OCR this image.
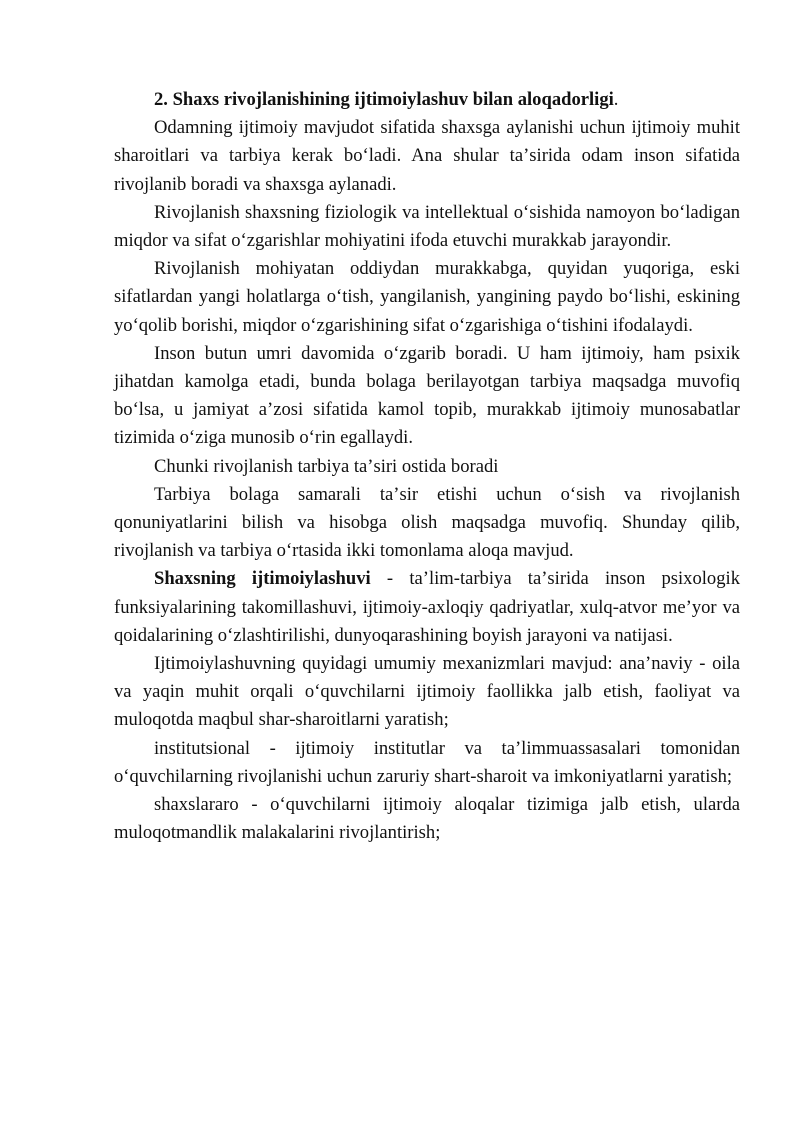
2. Shaxs rivojlanishining ijtimoiylashuv bilan aloqadorligi.

Odamning ijtimoiy mavjudot sifatida shaxsga aylanishi uchun ijtimoiy muhit sharoitlari va tarbiya kerak boʻladi. Ana shular taʼsirida odam inson sifatida rivojlanib boradi va shaxsga aylanadi.

Rivojlanish shaxsning fiziologik va intellektual oʻsishida namoyon boʻladigan miqdor va sifat oʻzgarishlar mohiyatini ifoda etuvchi murakkab jarayondir.

Rivojlanish mohiyatan oddiydan murakkabga, quyidan yuqoriga, eski sifatlardan yangi holatlarga oʻtish, yangilanish, yangining paydo boʻlishi, eskining yoʻqolib borishi, miqdor oʻzgarishining sifat oʻzgarishiga oʻtishini ifodalaydi.

Inson butun umri davomida oʻzgarib boradi. U ham ijtimoiy, ham psixik jihatdan kamolga etadi, bunda bolaga berilayotgan tarbiya maqsadga muvofiq boʻlsa, u jamiyat aʼzosi sifatida kamol topib, murakkab ijtimoiy munosabatlar tizimida oʻziga munosib oʻrin egallaydi.

Chunki rivojlanish tarbiya taʼsiri ostida boradi

Tarbiya bolaga samarali taʼsir etishi uchun oʻsish va rivojlanish qonuniyatlarini bilish va hisobga olish maqsadga muvofiq. Shunday qilib, rivojlanish va tarbiya oʻrtasida ikki tomonlama aloqa mavjud.

Shaxsning ijtimoiylashuvi - taʼlim-tarbiya taʼsirida inson psixologik funksiyalarining takomillashuvi, ijtimoiy-axloqiy qadriyatlar, xulq-atvor meʼyor va qoidalarining oʻzlashtirilishi, dunyoqarashining boyish jarayoni va natijasi.

Ijtimoiylashuvning quyidagi umumiy mexanizmlari mavjud: anaʼnaviy - oila va yaqin muhit orqali oʻquvchilarni ijtimoiy faollikka jalb etish, faoliyat va muloqotda maqbul shar-sharoitlarni yaratish;

institutsional - ijtimoiy institutlar va taʼlimmuassasalari tomonidan oʻquvchilarning rivojlanishi uchun zaruriy shart-sharoit va imkoniyatlarni yaratish;

shaxslararo - oʻquvchilarni ijtimoiy aloqalar tizimiga jalb etish, ularda muloqotmandlik malakalarini rivojlantirish;
